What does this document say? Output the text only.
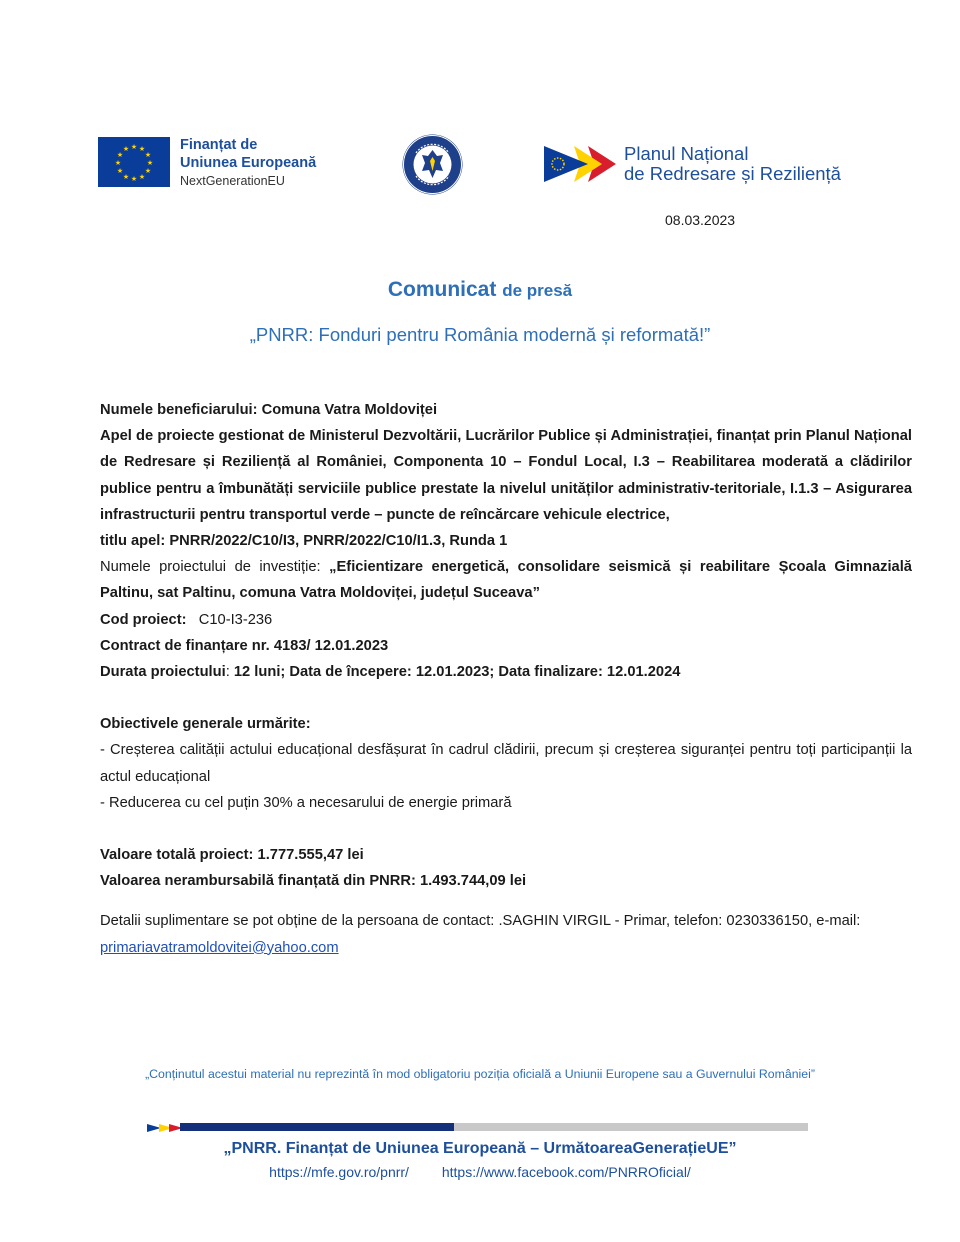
★ ★
★
★
★
★
★
★
★
★
★
★	Finanțat de
Uniunea Europeană
NextGenerationEU
Planul Național
de Redresare și Reziliență
08.03.2023
Comunicat de presă
„PNRR: Fonduri pentru România modernă și reformată!”

Numele beneficiarului: Comuna Vatra Moldoviței

Apel de proiecte gestionat de Ministerul Dezvoltării, Lucrărilor Publice și Administrației, finanțat prin Planul Național de Redresare și Reziliență al României, Componenta 10 – Fondul Local, I.3 – Reabilitarea moderată a clădirilor publice pentru a îmbunătăți serviciile publice prestate la nivelul unităților administrativ-teritoriale, I.1.3 – Asigurarea infrastructurii pentru transportul verde – puncte de reîncărcare vehicule electrice,

titlu apel: PNRR/2022/C10/I3, PNRR/2022/C10/I1.3, Runda 1

Numele proiectului de investiție: „Eficientizare energetică, consolidare seismică și reabilitare Școala Gimnazială Paltinu, sat Paltinu, comuna Vatra Moldoviței, județul Suceava”

Cod proiect: C10-I3-236

Contract de finanțare nr. 4183/ 12.01.2023

Durata proiectului: 12 luni; Data de începere: 12.01.2023; Data finalizare: 12.01.2024

Obiectivele generale urmărite:

- Creșterea calității actului educațional desfășurat în cadrul clădirii, precum și creșterea siguranței pentru toți participanții la actul educațional

- Reducerea cu cel puțin 30% a necesarului de energie primară

Valoare totală proiect: 1.777.555,47 lei

Valoarea nerambursabilă finanțată din PNRR: 1.493.744,09 lei

Detalii suplimentare se pot obține de la persoana de contact: .SAGHIN VIRGIL - Primar, telefon: 0230336150, e-mail: primariavatramoldovitei@yahoo.com

„Conținutul acestui material nu reprezintă în mod obligatoriu poziția oficială a Uniunii Europene sau a Guvernului României”
„PNRR. Finanțat de Uniunea Europeană – UrmătoareaGenerațieUE”
https://mfe.gov.ro/pnrr/ https://www.facebook.com/PNRROficial/
